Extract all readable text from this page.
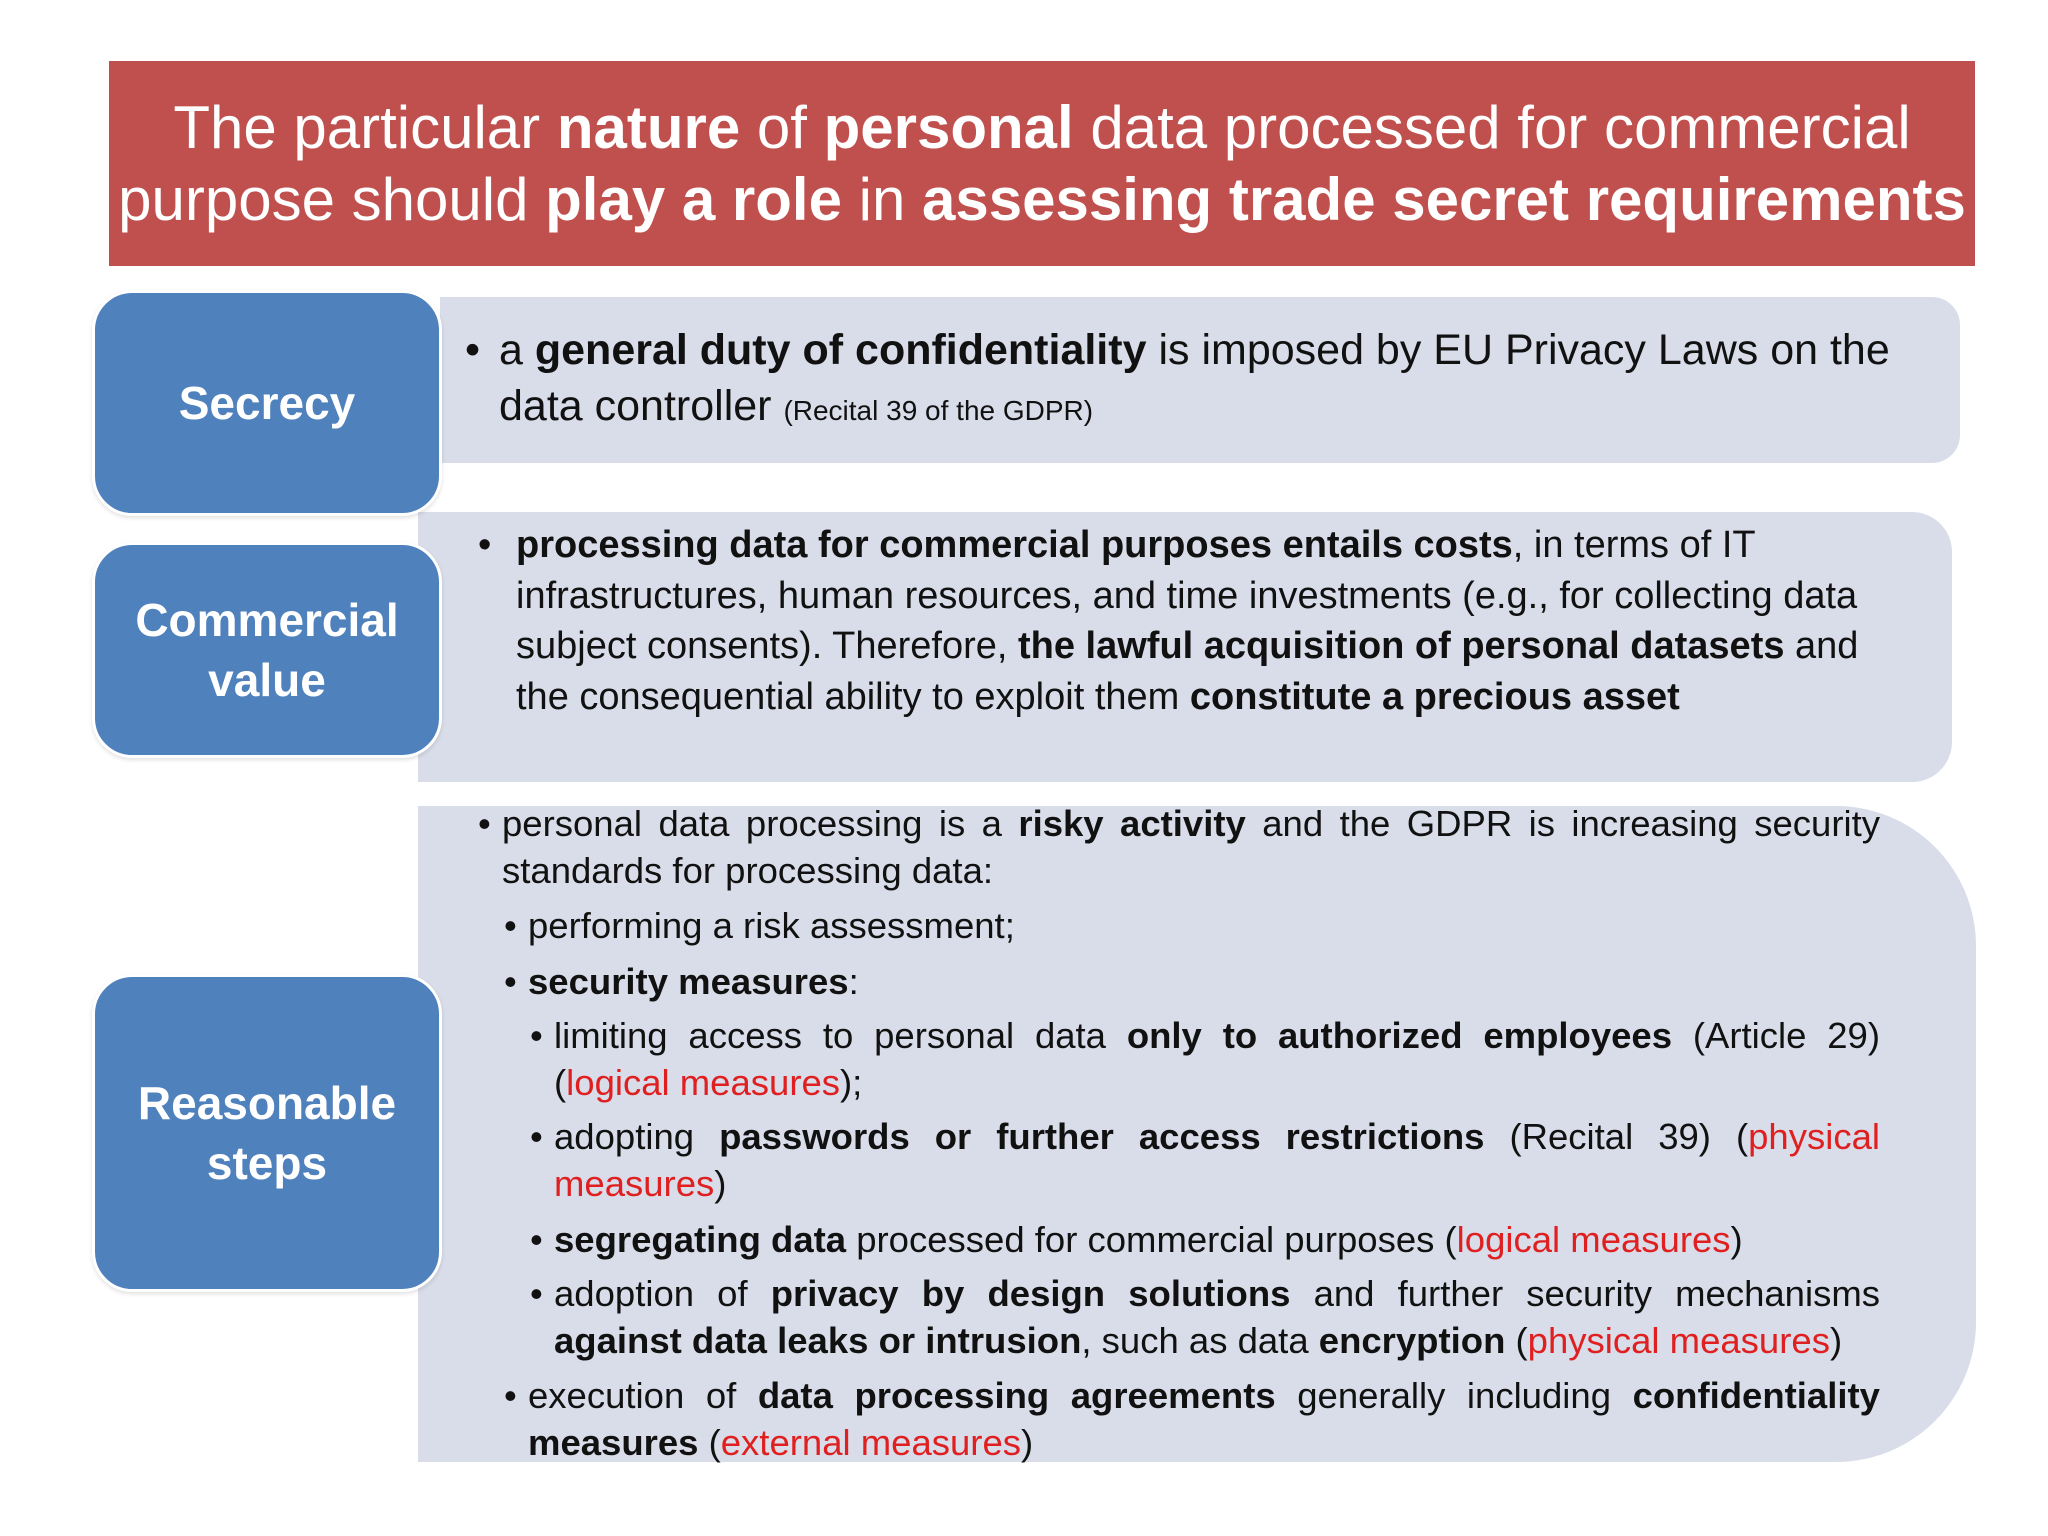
The particular nature of personal data processed for commercial
purpose should play a role in assessing trade secret requirements
Secrecy
• a general duty of confidentiality is imposed by EU Privacy Laws on the data controller (Recital 39 of the GDPR)
Commercial
value
• processing data for commercial purposes entails costs, in terms of IT infrastructures, human resources, and time investments (e.g., for collecting data subject consents). Therefore, the lawful acquisition of personal datasets and the consequential ability to exploit them constitute a precious asset
Reasonable
steps
• personal data processing is a risky activity and the GDPR is increasing security standards for processing data:
• performing a risk assessment;
• security measures:
• limiting access to personal data only to authorized employees (Article 29) (logical measures);
• adopting passwords or further access restrictions (Recital 39) (physical measures)
• segregating data processed for commercial purposes (logical measures)
• adoption of privacy by design solutions and further security mechanisms against data leaks or intrusion, such as data encryption (physical measures)
• execution of data processing agreements generally including confidentiality measures (external measures)
